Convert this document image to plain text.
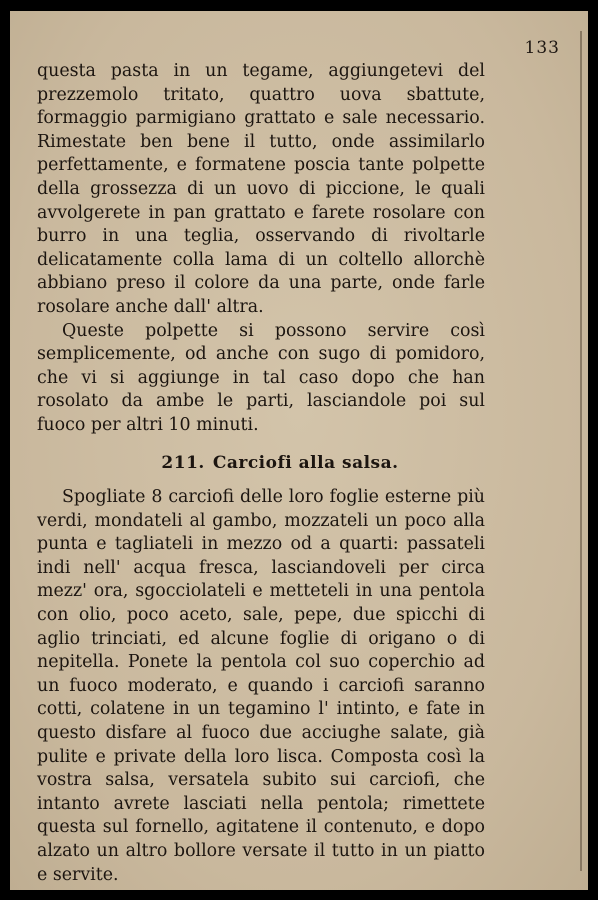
133

questa pasta in un tegame, aggiungetevi del prezzemolo tritato, quattro uova sbattute, formaggio parmigiano grattato e sale necessario. Rimestate ben bene il tutto, onde assimilarlo perfettamente, e formatene poscia tante polpette della grossezza di un uovo di piccione, le quali avvolgerete in pan grattato e farete rosolare con burro in una teglia, osservando di rivoltarle delicatamente colla lama di un coltello allorchè abbiano preso il colore da una parte, onde farle rosolare anche dall' altra.

Queste polpette si possono servire così semplicemente, od anche con sugo di pomidoro, che vi si aggiunge in tal caso dopo che han rosolato da ambe le parti, lasciandole poi sul fuoco per altri 10 minuti.

211. Carciofi alla salsa.

Spogliate 8 carciofi delle loro foglie esterne più verdi, mondateli al gambo, mozzateli un poco alla punta e tagliateli in mezzo od a quarti: passateli indi nell' acqua fresca, lasciandoveli per circa mezz' ora, sgocciolateli e metteteli in una pentola con olio, poco aceto, sale, pepe, due spicchi di aglio trinciati, ed alcune foglie di origano o di nepitella. Ponete la pentola col suo coperchio ad un fuoco moderato, e quando i carciofi saranno cotti, colatene in un tegamino l' intinto, e fate in questo disfare al fuoco due acciughe salate, già pulite e private della loro lisca. Composta così la vostra salsa, versatela subito sui carciofi, che intanto avrete lasciati nella pentola; rimettete questa sul fornello, agitatene il contenuto, e dopo alzato un altro bollore versate il tutto in un piatto e servite.
